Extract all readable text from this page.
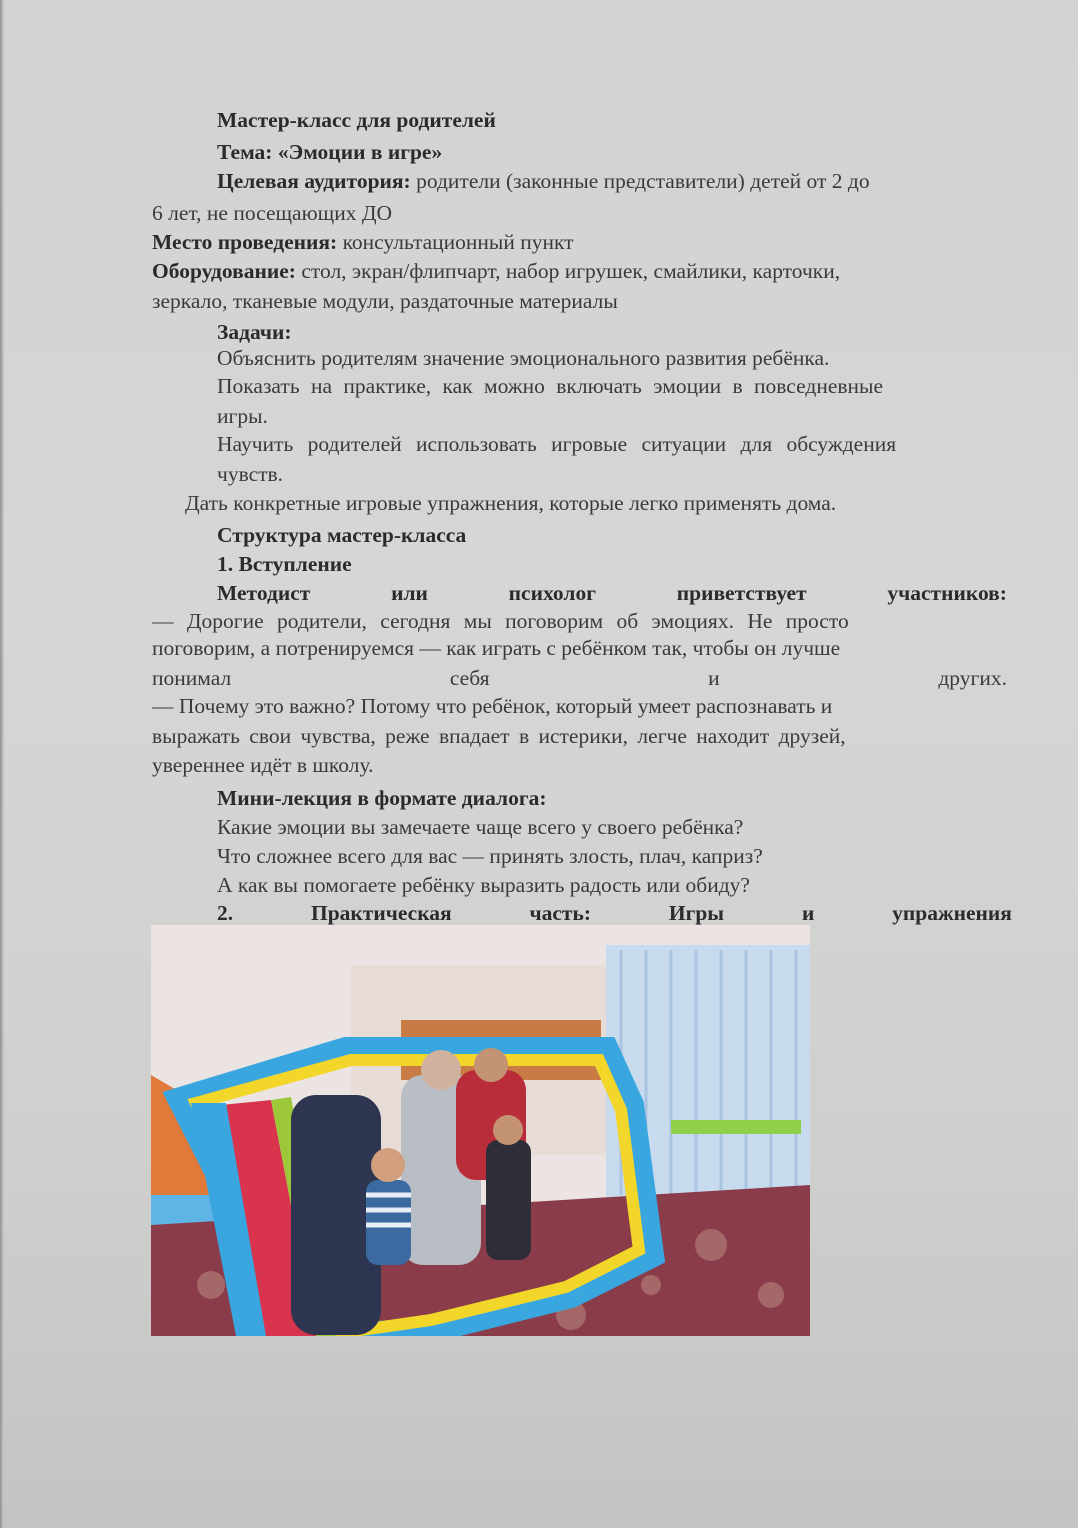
Мастер-класс для родителей
Тема: «Эмоции в игре»
Целевая аудитория: родители (законные представители) детей от 2 до
6 лет, не посещающих ДО
Место проведения: консультационный пункт
Оборудование: стол, экран/флипчарт, набор игрушек, смайлики, карточки,
зеркало, тканевые модули, раздаточные материалы
Задачи:
Объяснить родителям значение эмоционального развития ребёнка.
Показать на практике, как можно включать эмоции в повседневные
игры.
Научить родителей использовать игровые ситуации для обсуждения
чувств.
Дать конкретные игровые упражнения, которые легко применять дома.
Структура мастер-класса
1. Вступление
Методист	или	психолог	приветствует	участников:
— Дорогие родители, сегодня мы поговорим об эмоциях. Не просто
поговорим, а потренируемся — как играть с ребёнком так, чтобы он лучше
понимал	себя	и	других.
— Почему это важно? Потому что ребёнок, который умеет распознавать и
выражать свои чувства, реже впадает в истерики, легче находит друзей,
увереннее идёт в школу.
Мини-лекция в формате диалога:
Какие эмоции вы замечаете чаще всего у своего ребёнка?
Что сложнее всего для вас — принять злость, плач, каприз?
А как вы помогаете ребёнку выразить радость или обиду?
2.	Практическая	часть:	Игры	и	упражнения
